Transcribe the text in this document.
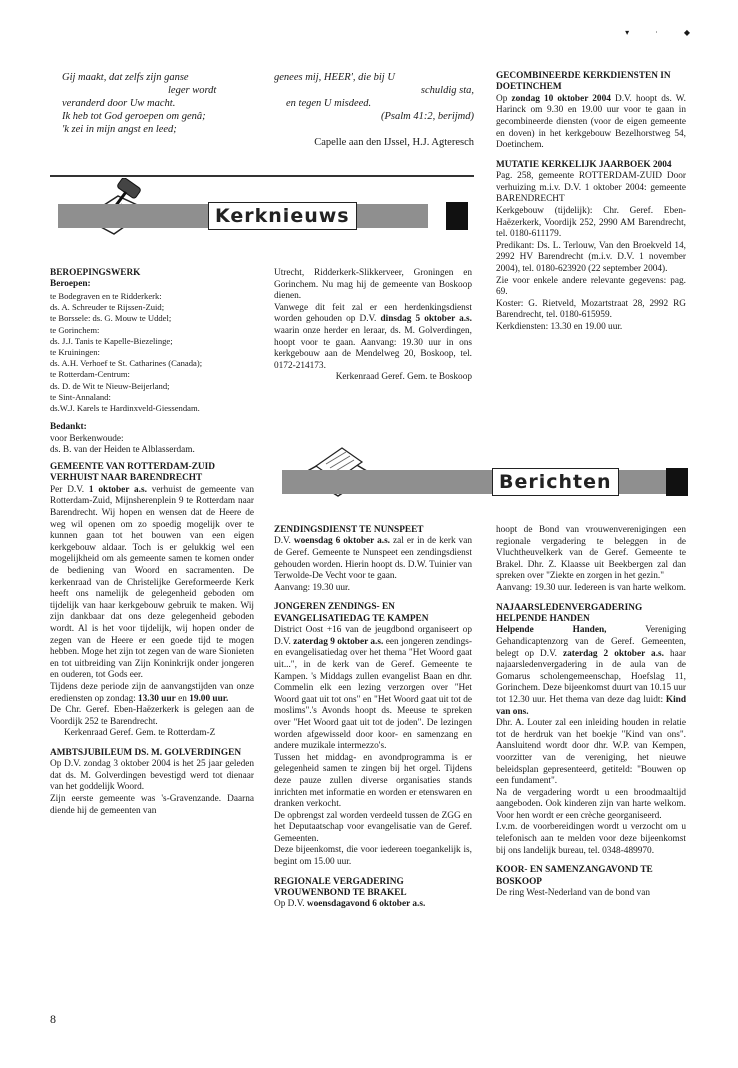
▾ · ◆

Gij maakt, dat zelfs zijn ganse

leger wordt

veranderd door Uw macht.

Ik heb tot God geroepen om genâ;

'k zei in mijn angst en leed;

genees mij, HEER', die bij U

schuldig sta,

en tegen U misdeed.

(Psalm 41:2, berijmd)

Capelle aan den IJssel, H.J. Agteresch

GECOMBINEERDE KERKDIENSTEN IN DOETINCHEM

Op zondag 10 oktober 2004 D.V. hoopt ds. W. Harinck om 9.30 en 19.00 uur voor te gaan in gecombineerde diensten (voor de eigen gemeente en doven) in het kerkgebouw Bezelhorstweg 54, Doetinchem.

MUTATIE KERKELIJK JAARBOEK 2004

Pag. 258, gemeente ROTTERDAM-ZUID Door verhuizing m.i.v. D.V. 1 oktober 2004: gemeente BARENDRECHT

Kerkgebouw (tijdelijk): Chr. Geref. Eben-Haëzerkerk, Voordijk 252, 2990 AM Barendrecht, tel. 0180-611179.

Predikant: Ds. L. Terlouw, Van den Broekveld 14, 2992 HV Barendrecht (m.i.v. D.V. 1 november 2004), tel. 0180-623920 (22 september 2004).

Zie voor enkele andere relevante gegevens: pag. 69.

Koster: G. Rietveld, Mozartstraat 28, 2992 RG Barendrecht, tel. 0180-615959.

Kerkdiensten: 13.30 en 19.00 uur.

Kerknieuws

BEROEPINGSWERK

Beroepen:

te Bodegraven en te Ridderkerk:

ds. A. Schreuder te Rijssen-Zuid;

te Borssele: ds. G. Mouw te Uddel;

te Gorinchem:

ds. J.J. Tanis te Kapelle-Biezelinge;

te Kruiningen:

ds. A.H. Verhoef te St. Catharines (Canada);

te Rotterdam-Centrum:

ds. D. de Wit te Nieuw-Beijerland;

te Sint-Annaland:

ds.W.J. Karels te Hardinxveld-Giessendam.

Bedankt:

voor Berkenwoude:

ds. B. van der Heiden te Alblasserdam.

GEMEENTE VAN ROTTERDAM-ZUID VERHUIST NAAR BARENDRECHT

Per D.V. 1 oktober a.s. verhuist de gemeente van Rotterdam-Zuid, Mijnsherenplein 9 te Rotterdam naar Barendrecht. Wij hopen en wensen dat de Heere de weg wil openen om zo spoedig mogelijk over te kunnen gaan tot het bouwen van een eigen kerkgebouw aldaar. Toch is er gelukkig wel een mogelijkheid om als gemeente samen te komen onder de bediening van Woord en sacramenten. De kerkenraad van de Christelijke Gereformeerde Kerk heeft ons namelijk de gelegenheid geboden om tijdelijk van haar kerkgebouw gebruik te maken. Wij zijn dankbaar dat ons deze gelegenheid geboden wordt. Al is het voor tijdelijk, wij hopen onder de zegen van de Heere er een goede tijd te mogen hebben. Moge het zijn tot zegen van de ware Sionieten en tot uitbreiding van Zijn Koninkrijk onder jongeren en ouderen, tot Gods eer.

Tijdens deze periode zijn de aanvangstijden van onze erediensten op zondag: 13.30 uur en 19.00 uur.

De Chr. Geref. Eben-Haëzerkerk is gelegen aan de Voordijk 252 te Barendrecht.

Kerkenraad Geref. Gem. te Rotterdam-Z

AMBTSJUBILEUM DS. M. GOLVERDINGEN

Op D.V. zondag 3 oktober 2004 is het 25 jaar geleden dat ds. M. Golverdingen bevestigd werd tot dienaar van het goddelijk Woord.

Zijn eerste gemeente was 's-Gravenzande. Daarna diende hij de gemeenten van

8

Utrecht, Ridderkerk-Slikkerveer, Groningen en Gorinchem. Nu mag hij de gemeente van Boskoop dienen.

Vanwege dit feit zal er een herdenkingsdienst worden gehouden op D.V. dinsdag 5 oktober a.s. waarin onze herder en leraar, ds. M. Golverdingen, hoopt voor te gaan. Aanvang: 19.30 uur in ons kerkgebouw aan de Mendelweg 20, Boskoop, tel. 0172-214173.

Kerkenraad Geref. Gem. te Boskoop

Berichten

ZENDINGSDIENST TE NUNSPEET

D.V. woensdag 6 oktober a.s. zal er in de kerk van de Geref. Gemeente te Nunspeet een zendingsdienst gehouden worden. Hierin hoopt ds. D.W. Tuinier van Terwolde-De Vecht voor te gaan.

Aanvang: 19.30 uur.

JONGEREN ZENDINGS- EN EVANGELISATIEDAG TE KAMPEN

District Oost +16 van de jeugdbond organiseert op D.V. zaterdag 9 oktober a.s. een jongeren zendings- en evangelisatiedag over het thema "Het Woord gaat uit...", in de kerk van de Geref. Gemeente te Kampen. 's Middags zullen evangelist Baan en dhr. Commelin elk een lezing verzorgen over "Het Woord gaat uit tot ons" en "Het Woord gaat uit tot de moslims".'s Avonds hoopt ds. Meeuse te spreken over "Het Woord gaat uit tot de joden". De lezingen worden afgewisseld door koor- en samenzang en andere muzikale intermezzo's.

Tussen het middag- en avondprogramma is er gelegenheid samen te zingen bij het orgel. Tijdens deze pauze zullen diverse organisaties stands inrichten met informatie en worden er etenswaren en dranken verkocht.

De opbrengst zal worden verdeeld tussen de ZGG en het Deputaatschap voor evangelisatie van de Geref. Gemeenten.

Deze bijeenkomst, die voor iedereen toegankelijk is, begint om 15.00 uur.

REGIONALE VERGADERING VROUWENBOND TE BRAKEL

Op D.V. woensdagavond 6 oktober a.s.

hoopt de Bond van vrouwenverenigingen een regionale vergadering te beleggen in de Vluchtheuvelkerk van de Geref. Gemeente te Brakel. Dhr. Z. Klaasse uit Beekbergen zal dan spreken over "Ziekte en zorgen in het gezin."

Aanvang: 19.30 uur. Iedereen is van harte welkom.

NAJAARSLEDENVERGADERING HELPENDE HANDEN

Helpende Handen, Vereniging Gehandicaptenzorg van de Geref. Gemeenten, belegt op D.V. zaterdag 2 oktober a.s. haar najaarsledenvergadering in de aula van de Gomarus scholengemeenschap, Hoefslag 11, Gorinchem. Deze bijeenkomst duurt van 10.15 uur tot 12.30 uur. Het thema van deze dag luidt: Kind van ons.

Dhr. A. Louter zal een inleiding houden in relatie tot de herdruk van het boekje "Kind van ons". Aansluitend wordt door dhr. W.P. van Kempen, voorzitter van de vereniging, het nieuwe beleidsplan gepresenteerd, getiteld: "Bouwen op een fundament".

Na de vergadering wordt u een broodmaaltijd aangeboden. Ook kinderen zijn van harte welkom. Voor hen wordt er een crèche georganiseerd.

I.v.m. de voorbereidingen wordt u verzocht om u telefonisch aan te melden voor deze bijeenkomst bij ons landelijk bureau, tel. 0348-489970.

KOOR- EN SAMENZANGAVOND TE BOSKOOP

De ring West-Nederland van de bond van
